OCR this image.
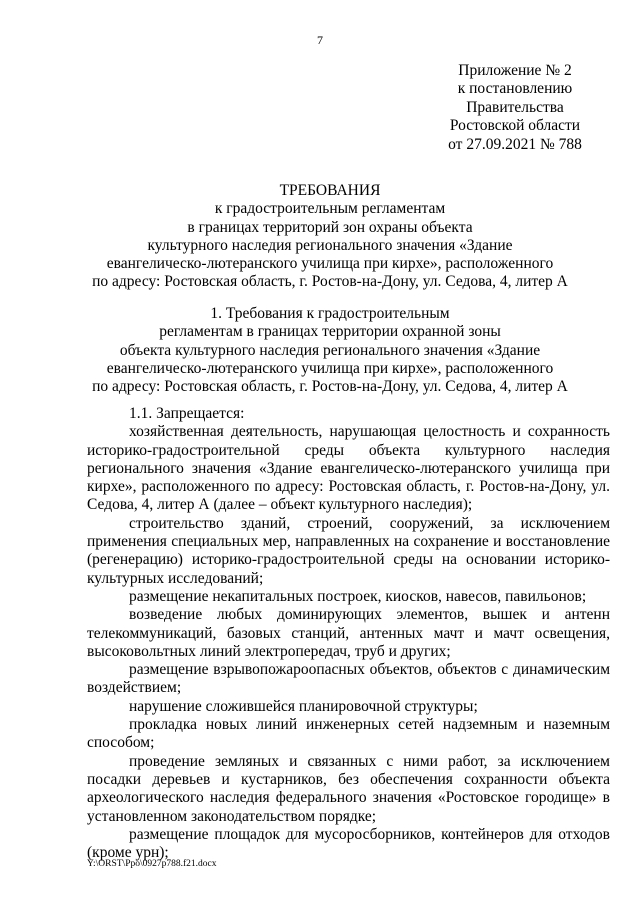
7
Приложение № 2
к постановлению
Правительства
Ростовской области
от 27.09.2021 № 788
ТРЕБОВАНИЯ
к градостроительным регламентам
в границах территорий зон охраны объекта
культурного наследия регионального значения «Здание
евангелическо-лютеранского училища при кирхе», расположенного
по адресу: Ростовская область, г. Ростов-на-Дону, ул. Седова, 4, литер А
1. Требования к градостроительным
регламентам в границах территории охранной зоны
объекта культурного наследия регионального значения «Здание
евангелическо-лютеранского училища при кирхе», расположенного
по адресу: Ростовская область, г. Ростов-на-Дону, ул. Седова, 4, литер А

1.1. Запрещается:

хозяйственная деятельность, нарушающая целостность и сохранность историко-градостроительной среды объекта культурного наследия регионального значения «Здание евангелическо-лютеранского училища при кирхе», расположенного по адресу: Ростовская область, г. Ростов-на-Дону, ул. Седова, 4, литер А (далее – объект культурного наследия);

строительство зданий, строений, сооружений, за исключением применения специальных мер, направленных на сохранение и восстановление (регенерацию) историко-градостроительной среды на основании историко-культурных исследований;

размещение некапитальных построек, киосков, навесов, павильонов;

возведение любых доминирующих элементов, вышек и антенн телекоммуникаций, базовых станций, антенных мачт и мачт освещения, высоковольтных линий электропередач, труб и других;

размещение взрывопожароопасных объектов, объектов с динамическим воздействием;

нарушение сложившейся планировочной структуры;

прокладка новых линий инженерных сетей надземным и наземным способом;

проведение земляных и связанных с ними работ, за исключением посадки деревьев и кустарников, без обеспечения сохранности объекта археологического наследия федерального значения «Ростовское городище» в установленном законодательством порядке;

размещение площадок для мусоросборников, контейнеров для отходов (кроме урн);

Y:\ORST\Ppo\0927p788.f21.docx
